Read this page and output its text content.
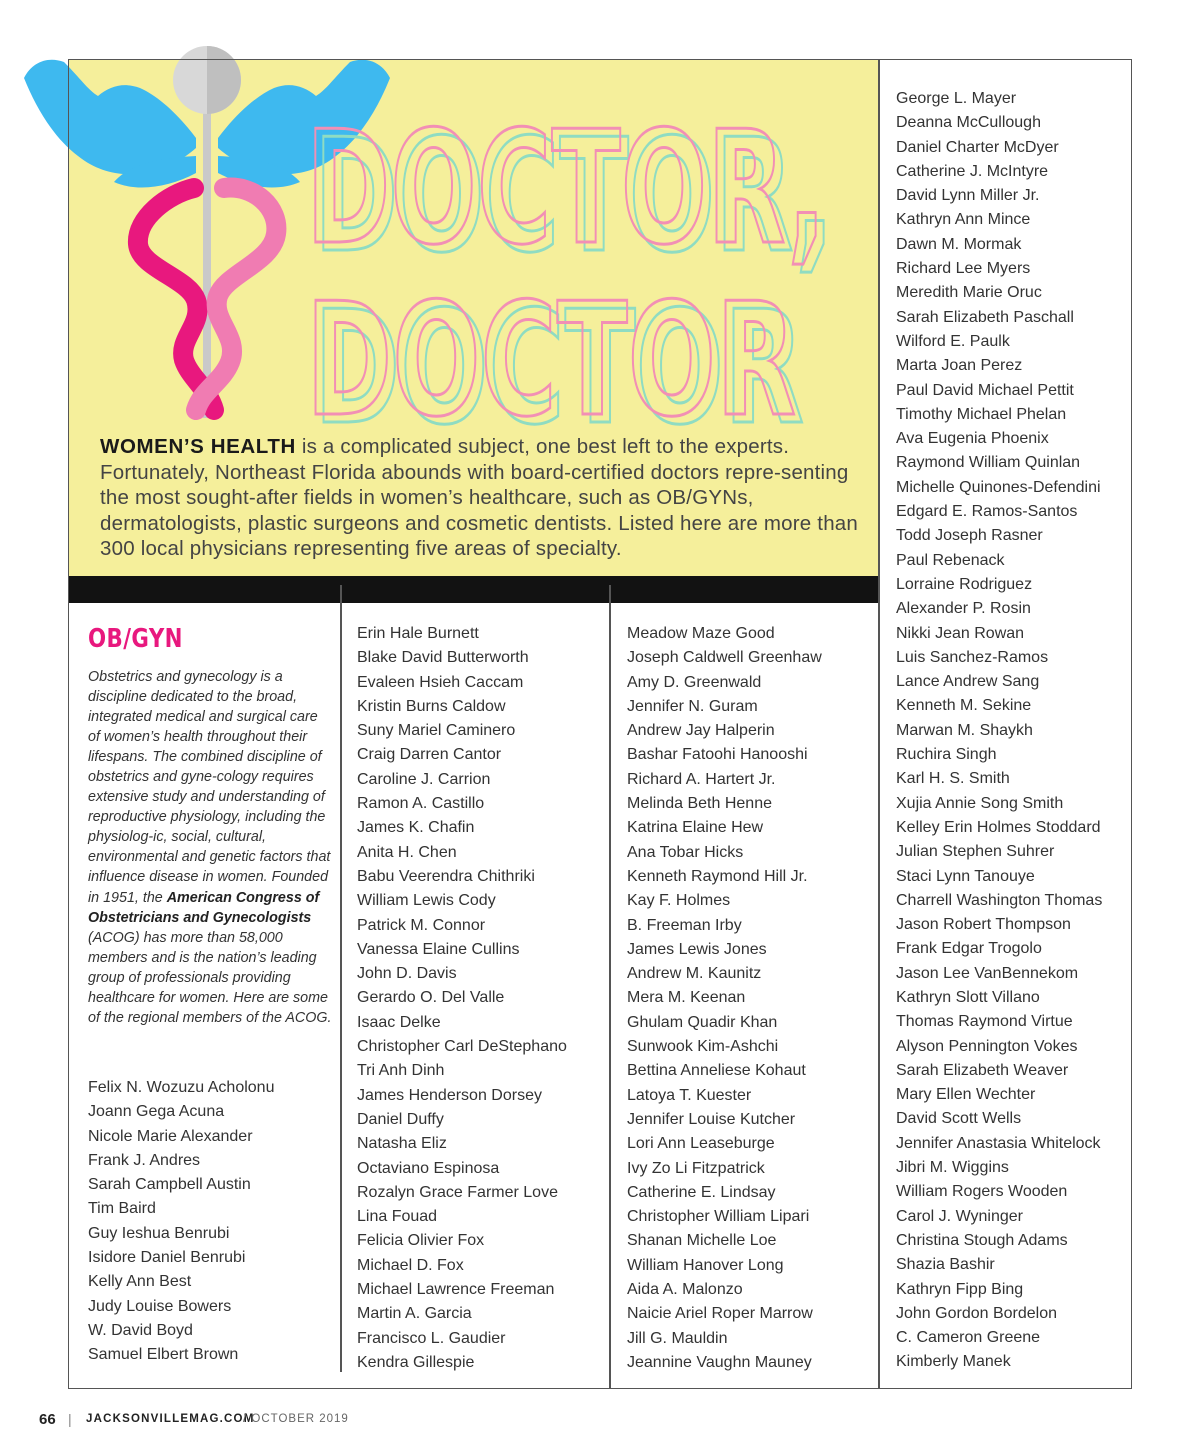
DOCTOR,
DOCTOR,
DOCTOR
DOCTOR
WOMEN’S HEALTH is a complicated subject, one best left to the experts. Fortunately, Northeast Florida abounds with board-certified doctors repre-senting the most sought-after fields in women’s healthcare, such as OB/GYNs, dermatologists, plastic surgeons and cosmetic dentists. Listed here are more than 300 local physicians representing five areas of specialty.
OB/GYN
Obstetrics and gynecology is a discipline dedicated to the broad, integrated medical and surgical care of women’s health throughout their lifespans. The combined discipline of obstetrics and gyne-cology requires extensive study and understanding of reproductive physiology, including the physiolog-ic, social, cultural, environmental and genetic factors that influence disease in women. Founded in 1951, the American Congress of Obstetricians and Gynecologists (ACOG) has more than 58,000 members and is the nation’s leading group of professionals providing healthcare for women. Here are some of the regional members of the ACOG.
Felix N. Wozuzu Acholonu
Joann Gega Acuna
Nicole Marie Alexander
Frank J. Andres
Sarah Campbell Austin
Tim Baird
Guy Ieshua Benrubi
Isidore Daniel Benrubi
Kelly Ann Best
Judy Louise Bowers
W. David Boyd
Samuel Elbert Brown
Erin Hale Burnett
Blake David Butterworth
Evaleen Hsieh Caccam
Kristin Burns Caldow
Suny Mariel Caminero
Craig Darren Cantor
Caroline J. Carrion
Ramon A. Castillo
James K. Chafin
Anita H. Chen
Babu Veerendra Chithriki
William Lewis Cody
Patrick M. Connor
Vanessa Elaine Cullins
John D. Davis
Gerardo O. Del Valle
Isaac Delke
Christopher Carl DeStephano
Tri Anh Dinh
James Henderson Dorsey
Daniel Duffy
Natasha Eliz
Octaviano Espinosa
Rozalyn Grace Farmer Love
Lina Fouad
Felicia Olivier Fox
Michael D. Fox
Michael Lawrence Freeman
Martin A. Garcia
Francisco L. Gaudier
Kendra Gillespie
Meadow Maze Good
Joseph Caldwell Greenhaw
Amy D. Greenwald
Jennifer N. Guram
Andrew Jay Halperin
Bashar Fatoohi Hanooshi
Richard A. Hartert Jr.
Melinda Beth Henne
Katrina Elaine Hew
Ana Tobar Hicks
Kenneth Raymond Hill Jr.
Kay F. Holmes
B. Freeman Irby
James Lewis Jones
Andrew M. Kaunitz
Mera M. Keenan
Ghulam Quadir Khan
Sunwook Kim-Ashchi
Bettina Anneliese Kohaut
Latoya T. Kuester
Jennifer Louise Kutcher
Lori Ann Leaseburge
Ivy Zo Li Fitzpatrick
Catherine E. Lindsay
Christopher William Lipari
Shanan Michelle Loe
William Hanover Long
Aida A. Malonzo
Naicie Ariel Roper Marrow
Jill G. Mauldin
Jeannine Vaughn Mauney
George L. Mayer
Deanna McCullough
Daniel Charter McDyer
Catherine J. McIntyre
David Lynn Miller Jr.
Kathryn Ann Mince
Dawn M. Mormak
Richard Lee Myers
Meredith Marie Oruc
Sarah Elizabeth Paschall
Wilford E. Paulk
Marta Joan Perez
Paul David Michael Pettit
Timothy Michael Phelan
Ava Eugenia Phoenix
Raymond William Quinlan
Michelle Quinones-Defendini
Edgard E. Ramos-Santos
Todd Joseph Rasner
Paul Rebenack
Lorraine Rodriguez
Alexander P. Rosin
Nikki Jean Rowan
Luis Sanchez-Ramos
Lance Andrew Sang
Kenneth M. Sekine
Marwan M. Shaykh
Ruchira Singh
Karl H. S. Smith
Xujia Annie Song Smith
Kelley Erin Holmes Stoddard
Julian Stephen Suhrer
Staci Lynn Tanouye
Charrell Washington Thomas
Jason Robert Thompson
Frank Edgar Trogolo
Jason Lee VanBennekom
Kathryn Slott Villano
Thomas Raymond Virtue
Alyson Pennington Vokes
Sarah Elizabeth Weaver
Mary Ellen Wechter
David Scott Wells
Jennifer Anastasia Whitelock
Jibri M. Wiggins
William Rogers Wooden
Carol J. Wyninger
Christina Stough Adams
Shazia Bashir
Kathryn Fipp Bing
John Gordon Bordelon
C. Cameron Greene
Kimberly Manek
66 | JACKSONVILLEMAG.COM
/ OCTOBER 2019
